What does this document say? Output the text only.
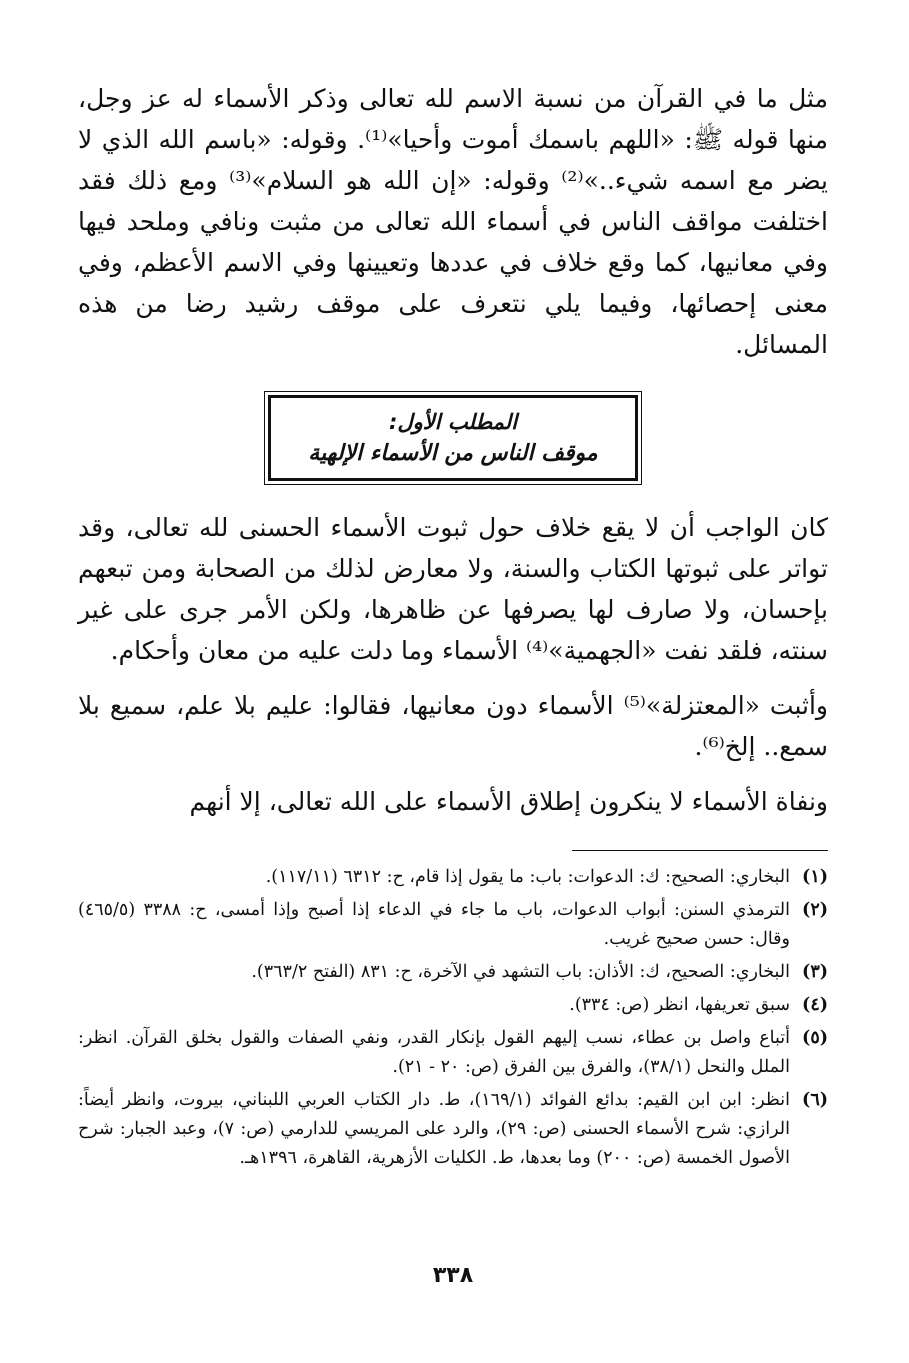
مثل ما في القرآن من نسبة الاسم لله تعالى وذكر الأسماء له عز وجل، منها قوله ﷺ: «اللهم باسمك أموت وأحيا»⁽¹⁾. وقوله: «باسم الله الذي لا يضر مع اسمه شيء..»⁽²⁾ وقوله: «إن الله هو السلام»⁽³⁾ ومع ذلك فقد اختلفت مواقف الناس في أسماء الله تعالى من مثبت ونافي وملحد فيها وفي معانيها، كما وقع خلاف في عددها وتعيينها وفي الاسم الأعظم، وفي معنى إحصائها، وفيما يلي نتعرف على موقف رشيد رضا من هذه المسائل.

المطلب الأول:
موقف الناس من الأسماء الإلهية

كان الواجب أن لا يقع خلاف حول ثبوت الأسماء الحسنى لله تعالى، وقد تواتر على ثبوتها الكتاب والسنة، ولا معارض لذلك من الصحابة ومن تبعهم بإحسان، ولا صارف لها يصرفها عن ظاهرها، ولكن الأمر جرى على غير سنته، فلقد نفت «الجهمية»⁽⁴⁾ الأسماء وما دلت عليه من معان وأحكام.

وأثبت «المعتزلة»⁽⁵⁾ الأسماء دون معانيها، فقالوا: عليم بلا علم، سميع بلا سمع.. إلخ⁽⁶⁾.

ونفاة الأسماء لا ينكرون إطلاق الأسماء على الله تعالى، إلا أنهم

(١)
البخاري: الصحيح: ك: الدعوات: باب: ما يقول إذا قام، ح: ٦٣١٢ (١١٧/١١).
(٢)
الترمذي السنن: أبواب الدعوات، باب ما جاء في الدعاء إذا أصبح وإذا أمسى، ح: ٣٣٨٨ (٤٦٥/٥) وقال: حسن صحيح غريب.
(٣)
البخاري: الصحيح، ك: الأذان: باب التشهد في الآخرة، ح: ٨٣١ (الفتح ٣٦٣/٢).
(٤)
سبق تعريفها، انظر (ص: ٣٣٤).
(٥)
أتباع واصل بن عطاء، نسب إليهم القول بإنكار القدر، ونفي الصفات والقول بخلق القرآن. انظر: الملل والنحل (٣٨/١)، والفرق بين الفرق (ص: ٢٠ - ٢١).
(٦)
انظر: ابن ابن القيم: بدائع الفوائد (١٦٩/١)، ط. دار الكتاب العربي اللبناني، بيروت، وانظر أيضاً: الرازي: شرح الأسماء الحسنى (ص: ٢٩)، والرد على المريسي للدارمي (ص: ٧)، وعبد الجبار: شرح الأصول الخمسة (ص: ٢٠٠) وما بعدها، ط. الكليات الأزهرية، القاهرة، ١٣٩٦هـ.
٣٣٨
